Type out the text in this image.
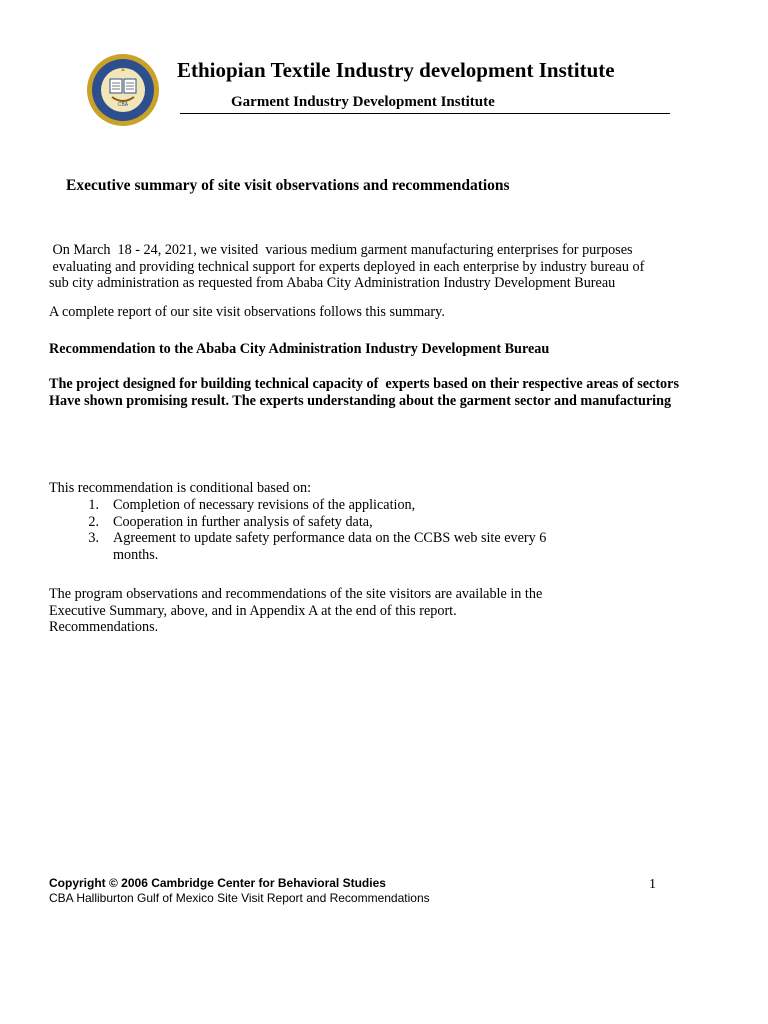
CBA
Ethiopian Textile Industry development Institute
Garment Industry Development Institute
Executive summary of site visit observations and recommendations
On March  18 - 24, 2021, we visited  various medium garment manufacturing enterprises for purposes
evaluating and providing technical support for experts deployed in each enterprise by industry bureau of
sub city administration as requested from Ababa City Administration Industry Development Bureau
A complete report of our site visit observations follows this summary.
Recommendation to the Ababa City Administration Industry Development Bureau
The project designed for building technical capacity of  experts based on their respective areas of sectors
Have shown promising result. The experts understanding about the garment sector and manufacturing
This recommendation is conditional based on:
1. Completion of necessary revisions of the application,
2. Cooperation in further analysis of safety data,
3. Agreement to update safety performance data on the CCBS web site every 6
months.
The program observations and recommendations of the site visitors are available in the
Executive Summary, above, and in Appendix A at the end of this report.
Recommendations.
Copyright © 2006 Cambridge Center for Behavioral Studies
CBA Halliburton Gulf of Mexico Site Visit Report and Recommendations
1
